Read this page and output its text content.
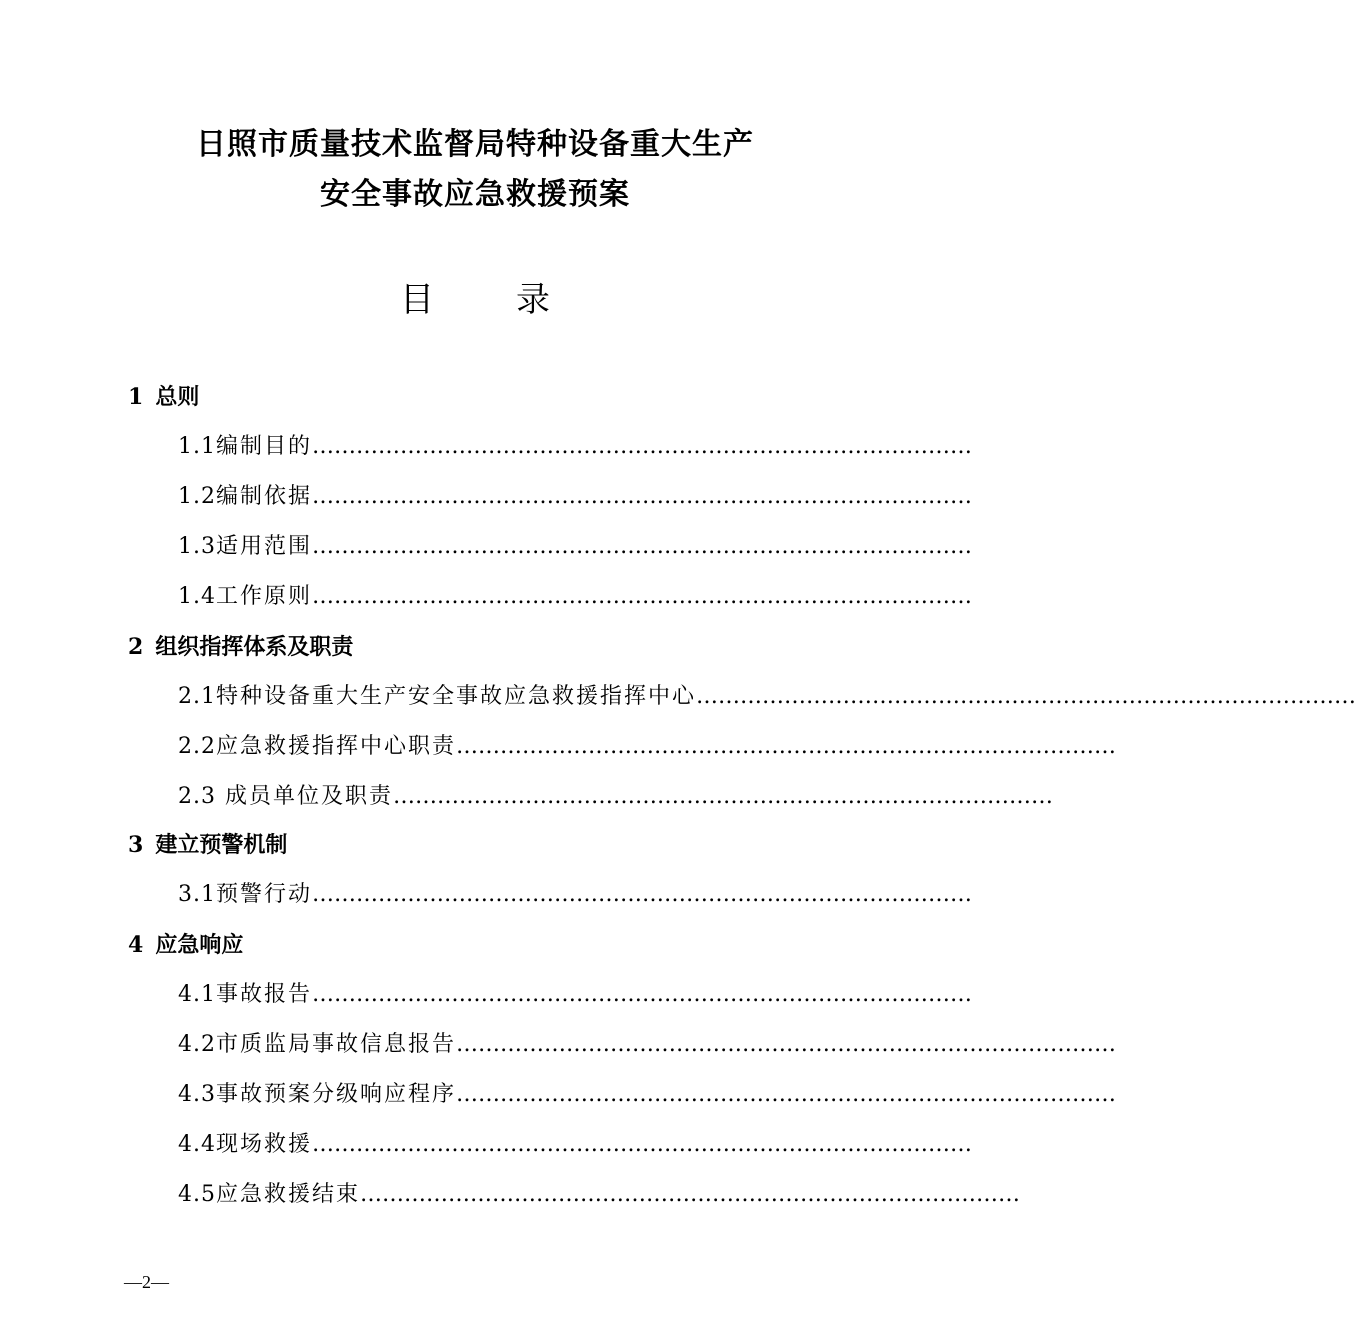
日照市质量技术监督局特种设备重大生产
安全事故应急救援预案
目 录
1 总则
1.1编制目的………………………………………………………………………………
1.2编制依据………………………………………………………………………………
1.3适用范围………………………………………………………………………………
1.4工作原则………………………………………………………………………………
2 组织指挥体系及职责
2.1特种设备重大生产安全事故应急救援指挥中心………………………………………………………………………………
2.2应急救援指挥中心职责………………………………………………………………………………
2.3 成员单位及职责………………………………………………………………………………
3 建立预警机制
3.1预警行动………………………………………………………………………………
4 应急响应
4.1事故报告………………………………………………………………………………
4.2市质监局事故信息报告………………………………………………………………………………
4.3事故预案分级响应程序………………………………………………………………………………
4.4现场救援………………………………………………………………………………
4.5应急救援结束………………………………………………………………………………
—2—
